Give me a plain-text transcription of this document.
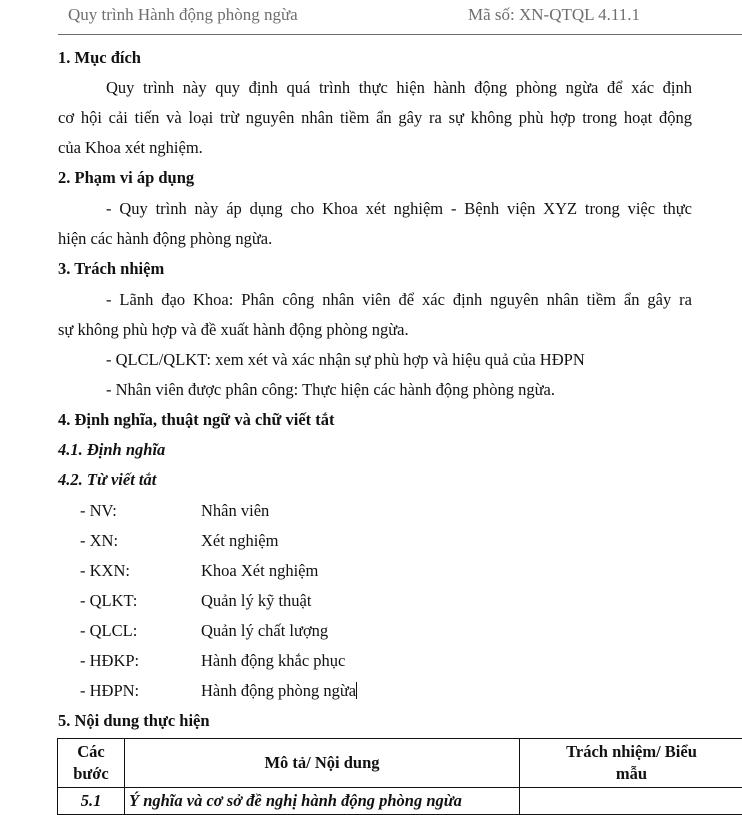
Quy trình Hành động phòng ngừa	Mã số: XN-QTQL 4.11.1
1. Mục đích
Quy trình này quy định quá trình thực hiện hành động phòng ngừa để xác định
cơ hội cải tiến và loại trừ nguyên nhân tiềm ẩn gây ra sự không phù hợp trong hoạt động
của Khoa xét nghiệm.
2. Phạm vi áp dụng
- Quy trình này áp dụng cho Khoa xét nghiệm - Bệnh viện XYZ trong việc thực
hiện các hành động phòng ngừa.
3. Trách nhiệm
- Lãnh đạo Khoa: Phân công nhân viên để xác định nguyên nhân tiềm ẩn gây ra
sự không phù hợp và đề xuất hành động phòng ngừa.
- QLCL/QLKT: xem xét và xác nhận sự phù hợp và hiệu quả của HĐPN
- Nhân viên được phân công: Thực hiện các hành động phòng ngừa.
4. Định nghĩa, thuật ngữ và chữ viết tắt
4.1. Định nghĩa
4.2. Từ viết tắt
- NV:	Nhân viên
- XN:	Xét nghiệm
- KXN:	Khoa Xét nghiệm
- QLKT:	Quản lý kỹ thuật
- QLCL:	Quản lý chất lượng
- HĐKP:	Hành động khắc phục
- HĐPN:	Hành động phòng ngừa
5. Nội dung thực hiện
Các
bước	Mô tả/ Nội dung	Trách nhiệm/ Biểu
mẫu
5.1	Ý nghĩa và cơ sở đề nghị hành động phòng ngừa	
